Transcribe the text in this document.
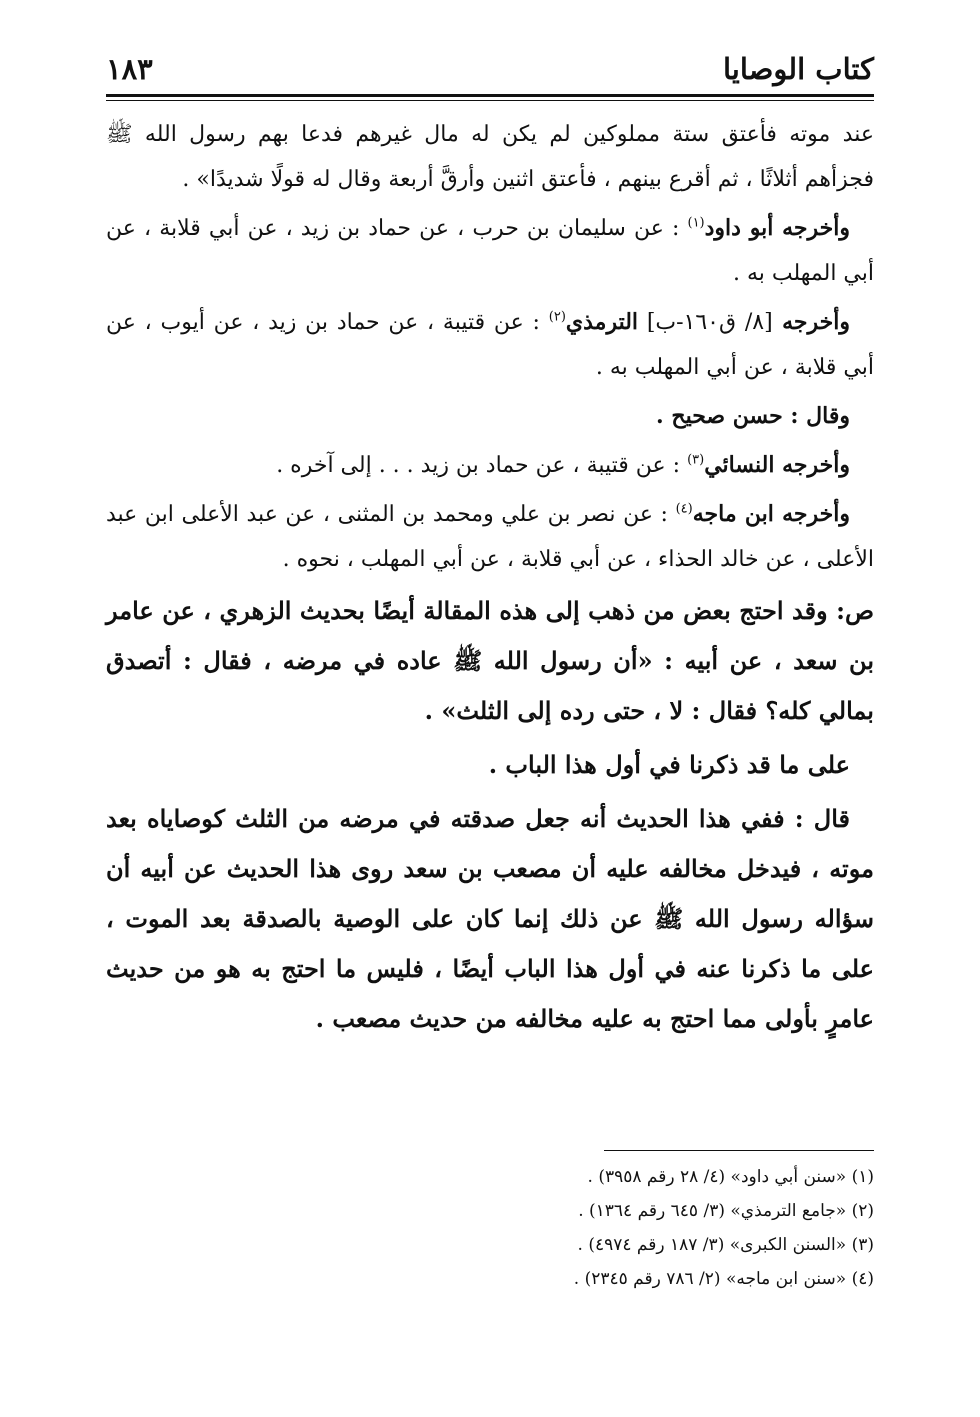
كتاب الوصايا
١٨٣

عند موته فأعتق ستة مملوكين لم يكن له مال غيرهم فدعا بهم رسول الله ﷺ فجزأهم أثلاثًا ، ثم أقرع بينهم ، فأعتق اثنين وأرقَّ أربعة وقال له قولًا شديدًا» .

وأخرجه أبو داود$^{(١)}$ : عن سليمان بن حرب ، عن حماد بن زيد ، عن أبي قلابة ، عن أبي المهلب به .

وأخرجه [٨/ ق١٦٠-ب] الترمذي$^{(٢)}$ : عن قتيبة ، عن حماد بن زيد ، عن أيوب ، عن أبي قلابة ، عن أبي المهلب به .

وقال : حسن صحيح .

وأخرجه النسائي$^{(٣)}$ : عن قتيبة ، عن حماد بن زيد . . . إلى آخره .

وأخرجه ابن ماجه$^{(٤)}$ : عن نصر بن علي ومحمد بن المثنى ، عن عبد الأعلى ابن عبد الأعلى ، عن خالد الحذاء ، عن أبي قلابة ، عن أبي المهلب ، نحوه .

ص: وقد احتج بعض من ذهب إلى هذه المقالة أيضًا بحديث الزهري ، عن عامر بن سعد ، عن أبيه : «أن رسول الله ﷺ عاده في مرضه ، فقال : أتصدق بمالي كله؟ فقال : لا ، حتى رده إلى الثلث» .

على ما قد ذكرنا في أول هذا الباب .

قال : ففي هذا الحديث أنه جعل صدقته في مرضه من الثلث كوصاياه بعد موته ، فيدخل مخالفه عليه أن مصعب بن سعد روى هذا الحديث عن أبيه أن سؤاله رسول الله ﷺ عن ذلك إنما كان على الوصية بالصدقة بعد الموت ، على ما ذكرنا عنه في أول هذا الباب أيضًا ، فليس ما احتج به هو من حديث عامرٍ بأولى مما احتج به عليه مخالفه من حديث مصعب .

(١) «سنن أبي داود» (٤/ ٢٨ رقم ٣٩٥٨) .
(٢) «جامع الترمذي» (٣/ ٦٤٥ رقم ١٣٦٤) .
(٣) «السنن الكبرى» (٣/ ١٨٧ رقم ٤٩٧٤) .
(٤) «سنن ابن ماجه» (٢/ ٧٨٦ رقم ٢٣٤٥) .
